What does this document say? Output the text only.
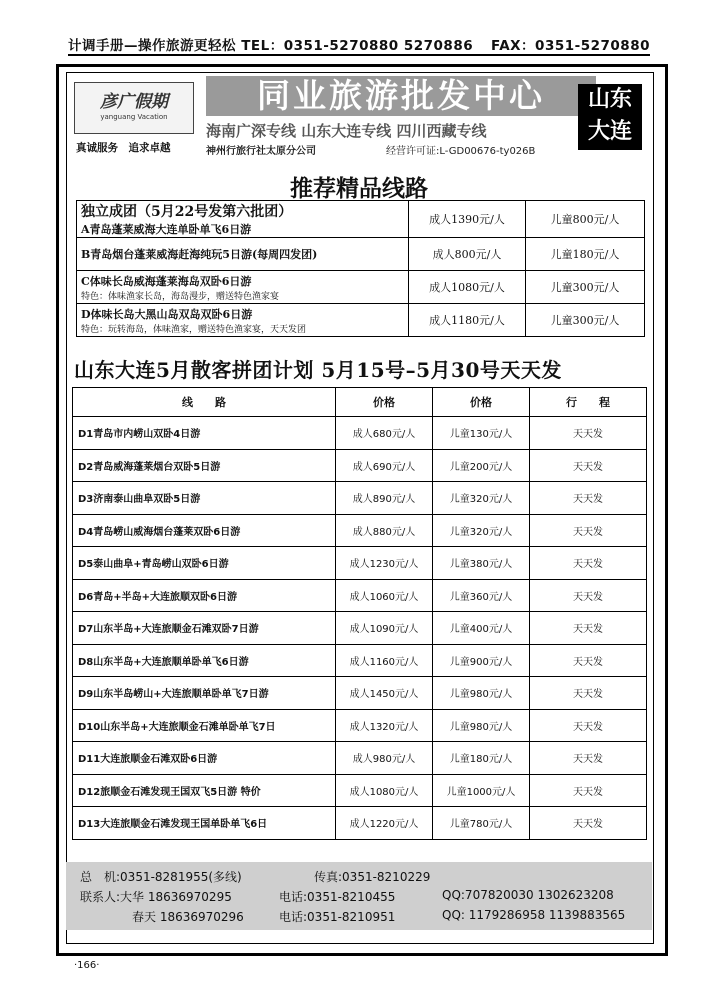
计调手册—操作旅游更轻松 TEL：0351-5270880 5270886 FAX：0351-5270880
彦广假期
yanguang Vacation
真诚服务　追求卓越
同业旅游批发中心
海南广深专线 山东大连专线 四川西藏专线
神州行旅行社太原分公司	经营许可证:L-GD00676-ty026B
山东
大连
推荐精品线路
独立成团（5月22号发第六批团）
A青岛蓬莱威海大连单卧单飞6日游	成人1390元/人	儿童800元/人
B青岛烟台蓬莱威海赶海纯玩5日游(每周四发团)	成人800元/人	儿童180元/人

C体味长岛威海蓬莱海岛双卧6日游
特色：体味渔家长岛，海岛漫步，赠送特色渔家宴	成人1080元/人	儿童300元/人

D体味长岛大黑山岛双岛双卧6日游
特色：玩转海岛，体味渔家，赠送特色渔家宴，天天发团	成人1180元/人	儿童300元/人
山东大连5月散客拼团计划 5月15号–5月30号天天发
线　　路	价格	价格	行　　程
D1青岛市内崂山双卧4日游	成人680元/人	儿童130元/人	天天发
D2青岛威海蓬莱烟台双卧5日游	成人690元/人	儿童200元/人	天天发
D3济南泰山曲阜双卧5日游	成人890元/人	儿童320元/人	天天发
D4青岛崂山威海烟台蓬莱双卧6日游	成人880元/人	儿童320元/人	天天发
D5泰山曲阜+青岛崂山双卧6日游	成人1230元/人	儿童380元/人	天天发
D6青岛+半岛+大连旅顺双卧6日游	成人1060元/人	儿童360元/人	天天发
D7山东半岛+大连旅顺金石滩双卧7日游	成人1090元/人	儿童400元/人	天天发
D8山东半岛+大连旅顺单卧单飞6日游	成人1160元/人	儿童900元/人	天天发
D9山东半岛崂山+大连旅顺单卧单飞7日游	成人1450元/人	儿童980元/人	天天发
D10山东半岛+大连旅顺金石滩单卧单飞7日	成人1320元/人	儿童980元/人	天天发
D11大连旅顺金石滩双卧6日游	成人980元/人	儿童180元/人	天天发
D12旅顺金石滩发现王国双飞5日游 特价	成人1080元/人	儿童1000元/人	天天发
D13大连旅顺金石滩发现王国单卧单飞6日	成人1220元/人	儿童780元/人	天天发
总　机:0351-8281955(多线)	传真:0351-8210229
联系人:大华 18636970295	电话:0351-8210455	QQ:707820030 1302623208
春天 18636970296	电话:0351-8210951	QQ: 1179286958 1139883565
·166·
